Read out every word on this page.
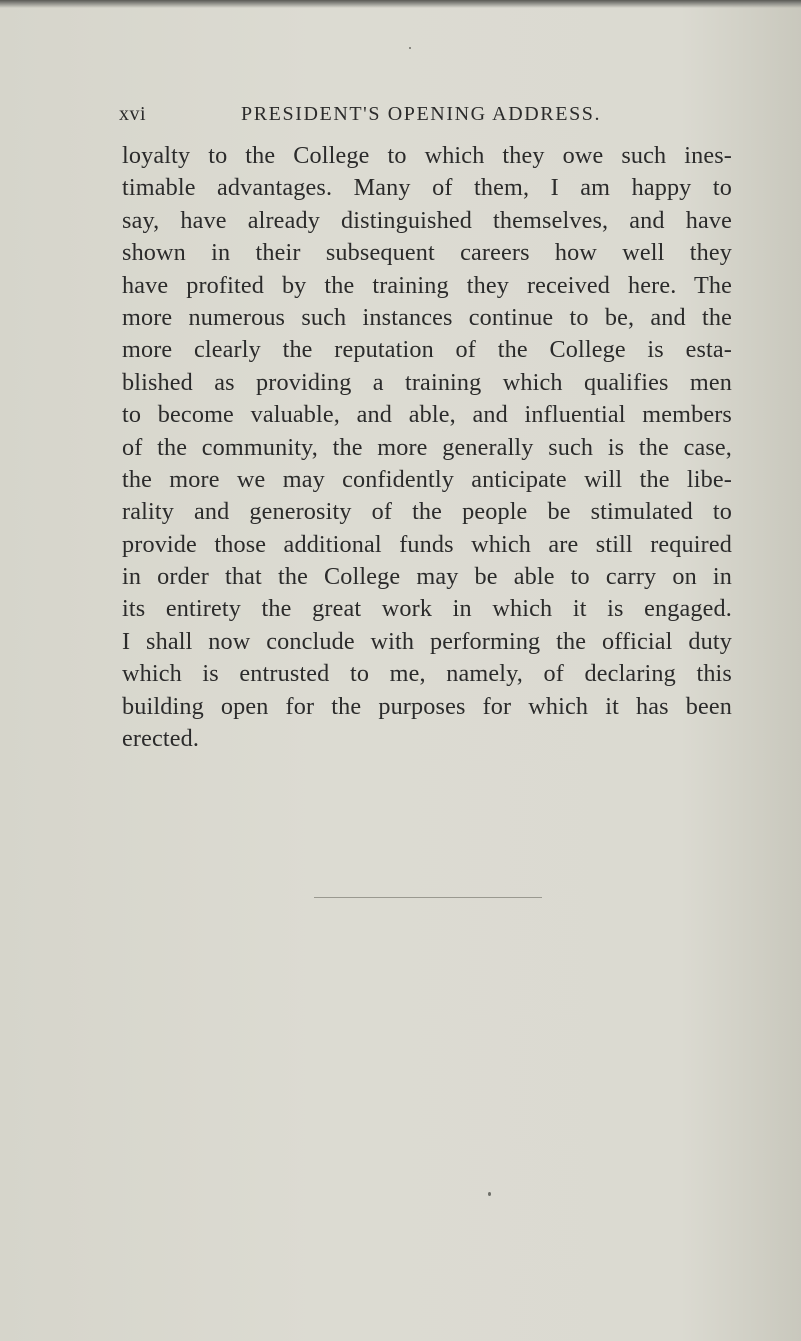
xvi	PRESIDENT'S OPENING ADDRESS.
loyalty to the College to which they owe such ines-
timable advantages. Many of them, I am happy to
say, have already distinguished themselves, and have
shown in their subsequent careers how well they
have profited by the training they received here. The
more numerous such instances continue to be, and the
more clearly the reputation of the College is esta-
blished as providing a training which qualifies men
to become valuable, and able, and influential members
of the community, the more generally such is the case,
the more we may confidently anticipate will the libe-
rality and generosity of the people be stimulated to
provide those additional funds which are still required
in order that the College may be able to carry on in
its entirety the great work in which it is engaged.
I shall now conclude with performing the official duty
which is entrusted to me, namely, of declaring this
building open for the purposes for which it has been
erected.
